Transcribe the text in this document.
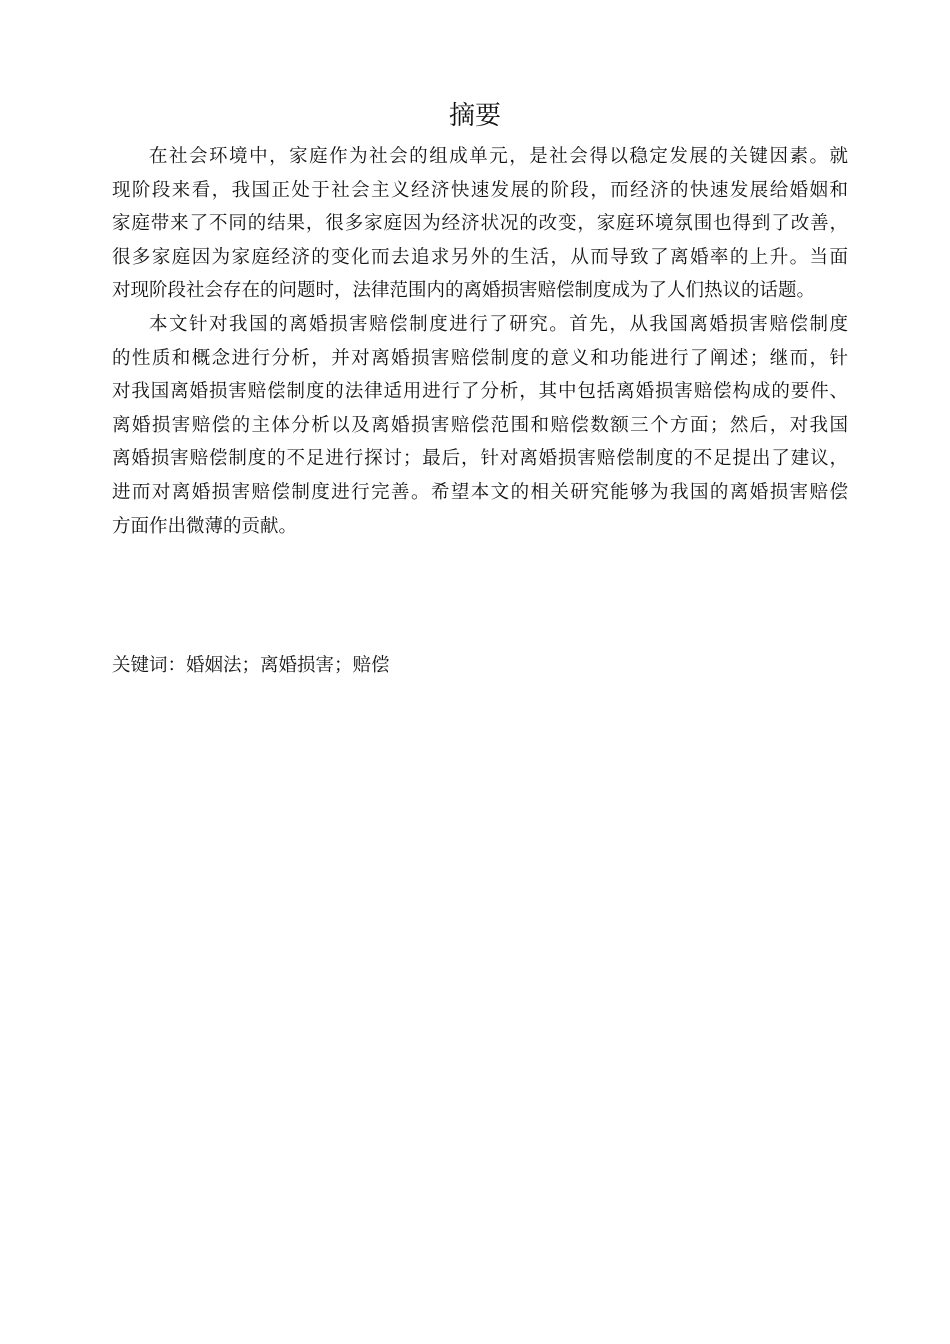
摘要

在社会环境中，家庭作为社会的组成单元，是社会得以稳定发展的关键因素。就
现阶段来看，我国正处于社会主义经济快速发展的阶段，而经济的快速发展给婚姻和
家庭带来了不同的结果，很多家庭因为经济状况的改变，家庭环境氛围也得到了改善，
很多家庭因为家庭经济的变化而去追求另外的生活，从而导致了离婚率的上升。当面
对现阶段社会存在的问题时，法律范围内的离婚损害赔偿制度成为了人们热议的话题。

本文针对我国的离婚损害赔偿制度进行了研究。首先，从我国离婚损害赔偿制度
的性质和概念进行分析，并对离婚损害赔偿制度的意义和功能进行了阐述；继而，针
对我国离婚损害赔偿制度的法律适用进行了分析，其中包括离婚损害赔偿构成的要件、
离婚损害赔偿的主体分析以及离婚损害赔偿范围和赔偿数额三个方面；然后，对我国
离婚损害赔偿制度的不足进行探讨；最后，针对离婚损害赔偿制度的不足提出了建议，
进而对离婚损害赔偿制度进行完善。希望本文的相关研究能够为我国的离婚损害赔偿
方面作出微薄的贡献。

关键词：婚姻法；离婚损害；赔偿
